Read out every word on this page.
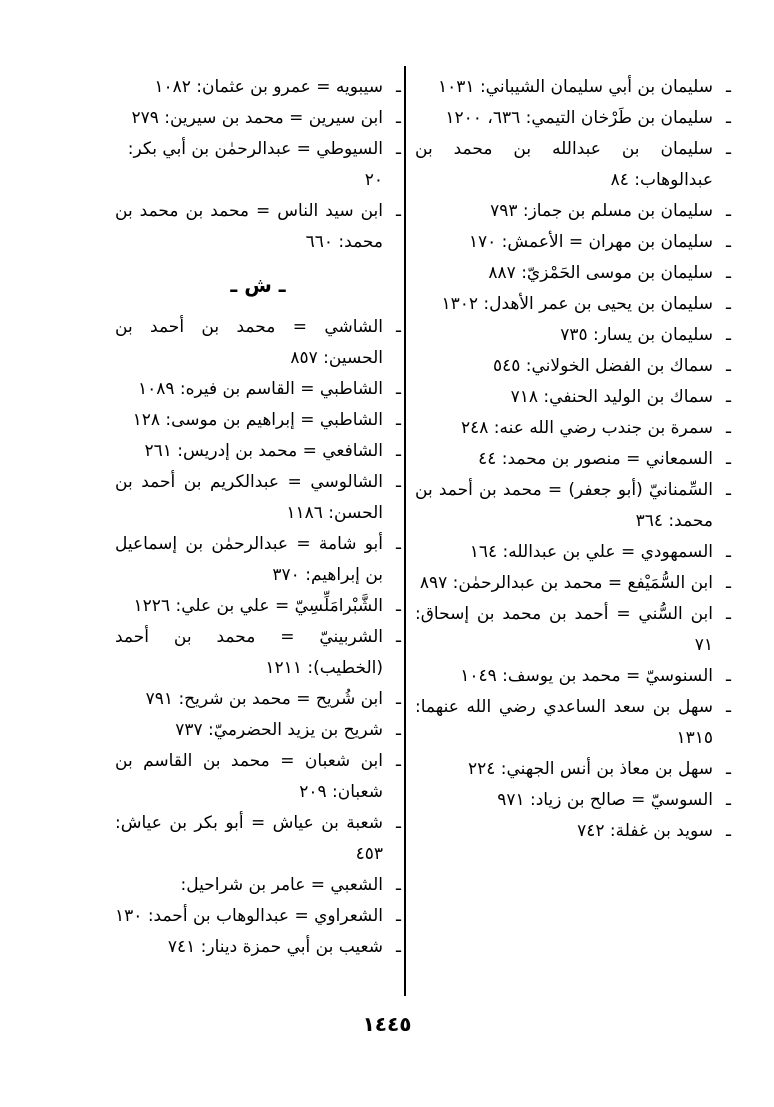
ـ
سليمان بن أبي سليمان الشيباني: ١٠٣١
ـ
سليمان بن طَرْخان التيمي: ٦٣٦، ١٢٠٠
ـ
سليمان بن عبدالله بن محمد بن عبدالوهاب: ٨٤
ـ
سليمان بن مسلم بن جماز: ٧٩٣
ـ
سليمان بن مهران = الأعمش: ١٧٠
ـ
سليمان بن موسى الحَمْزيّ: ٨٨٧
ـ
سليمان بن يحيى بن عمر الأهدل: ١٣٠٢
ـ
سليمان بن يسار: ٧٣٥
ـ
سماك بن الفضل الخولاني: ٥٤٥
ـ
سماك بن الوليد الحنفي: ٧١٨
ـ
سمرة بن جندب رضي الله عنه: ٢٤٨
ـ
السمعاني = منصور بن محمد: ٤٤
ـ
السِّمنانيّ (أبو جعفر) = محمد بن أحمد بن محمد: ٣٦٤
ـ
السمهودي = علي بن عبدالله: ١٦٤
ـ
ابن السُّمَيْفع = محمد بن عبدالرحمٰن: ٨٩٧
ـ
ابن السُّني = أحمد بن محمد بن إسحاق: ٧١
ـ
السنوسيّ = محمد بن يوسف: ١٠٤٩
ـ
سهل بن سعد الساعدي رضي الله عنهما: ١٣١٥
ـ
سهل بن معاذ بن أنس الجهني: ٢٢٤
ـ
السوسيّ = صالح بن زياد: ٩٧١
ـ
سويد بن غفلة: ٧٤٢
ـ
سيبويه = عمرو بن عثمان: ١٠٨٢
ـ
ابن سيرين = محمد بن سيرين: ٢٧٩
ـ
السيوطي = عبدالرحمٰن بن أبي بكر: ٢٠
ـ
ابن سيد الناس = محمد بن محمد بن محمد: ٦٦٠
ـ ش ـ
ـ
الشاشي = محمد بن أحمد بن الحسين: ٨٥٧
ـ
الشاطبي = القاسم بن فيره: ١٠٨٩
ـ
الشاطبي = إبراهيم بن موسى: ١٢٨
ـ
الشافعي = محمد بن إدريس: ٢٦١
ـ
الشالوسي = عبدالكريم بن أحمد بن الحسن: ١١٨٦
ـ
أبو شامة = عبدالرحمٰن بن إسماعيل بن إبراهيم: ٣٧٠
ـ
الشَّبْرامَلِّسِيّ = علي بن علي: ١٢٢٦
ـ
الشربينيّ = محمد بن أحمد (الخطيب): ١٢١١
ـ
ابن شُريح = محمد بن شريح: ٧٩١
ـ
شريح بن يزيد الحضرميّ: ٧٣٧
ـ
ابن شعبان = محمد بن القاسم بن شعبان: ٢٠٩
ـ
شعبة بن عياش = أبو بكر بن عياش: ٤٥٣
ـ
الشعبي = عامر بن شراحيل:
ـ
الشعراوي = عبدالوهاب بن أحمد: ١٣٠
ـ
شعيب بن أبي حمزة دينار: ٧٤١
١٤٤٥
